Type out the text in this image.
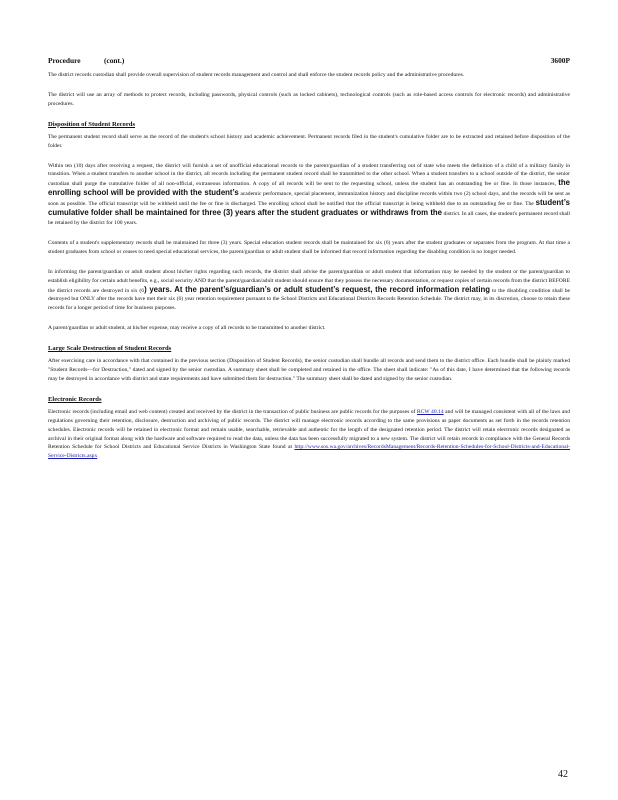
Procedure	(cont.)	3600P

The district records custodian shall provide overall supervision of student records management and control and shall enforce the student records policy and the administrative procedures.

The district will use an array of methods to protect records, including passwords, physical controls (such as locked cabinets), technological controls (such as role-based access controls for electronic records) and administrative procedures.

Disposition of Student Records

The permanent student record shall serve as the record of the student's school history and academic achievement. Permanent records filed in the student's cumulative folder are to be extracted and retained before disposition of the folder.

Within ten (10) days after receiving a request, the district will furnish a set of unofficial educational records to the parent/guardian of a student transferring out of state who meets the definition of a child of a military family in transition. When a student transfers to another school in the district, all records including the permanent student record shall be transmitted to the other school. When a student transfers to a school outside of the district, the senior custodian shall purge the cumulative folder of all non-official, extraneous information. A copy of all records will be sent to the requesting school, unless the student has an outstanding fee or fine. In those instances, the enrolling school will be provided with the student’s academic performance, special placement, immunization history and discipline records within two (2) school days, and the records will be sent as soon as possible. The official transcript will be withheld until the fee or fine is discharged. The enrolling school shall be notified that the official transcript is being withheld due to an outstanding fee or fine. The student’s cumulative folder shall be maintained for three (3) years after the student graduates or withdraws from the district. In all cases, the student's permanent record shall be retained by the district for 100 years.

Contents of a student's supplementary records shall be maintained for three (3) years. Special education student records shall be maintained for six (6) years after the student graduates or separates from the program. At that time a student graduates from school or ceases to need special educational services, the parent/guardian or adult student shall be informed that record information regarding the disabling condition is no longer needed.

In informing the parent/guardian or adult student about his/her rights regarding such records, the district shall advise the parent/guardian or adult student that information may be needed by the student or the parent/guardian to establish eligibility for certain adult benefits, e.g., social security AND that the parent/guardian/adult student should ensure that they possess the necessary documentation, or request copies of certain records from the district BEFORE the district records are destroyed in six (6) years. At the parent’s/guardian’s or adult student’s request, the record information relating to the disabling condition shall be destroyed but ONLY after the records have met their six (6) year retention requirement pursuant to the School Districts and Educational Districts Records Retention Schedule. The district may, in its discretion, choose to retain these records for a longer period of time for business purposes.

A parent/guardian or adult student, at his/her expense, may receive a copy of all records to be transmitted to another district.

Large Scale Destruction of Student Records

After exercising care in accordance with that contained in the previous section (Disposition of Student Records), the senior custodian shall bundle all records and send them to the district office. Each bundle shall be plainly marked "Student Records—for Destruction," dated and signed by the senior custodian. A summary sheet shall be completed and retained in the office. The sheet shall indicate: "As of this date, I have determined that the following records may be destroyed in accordance with district and state requirements and have submitted them for destruction." The summary sheet shall be dated and signed by the senior custodian.

Electronic Records

Electronic records (including email and web content) created and received by the district in the transaction of public business are public records for the purposes of RCW 40.14 and will be managed consistent with all of the laws and regulations governing their retention, disclosure, destruction and archiving of public records. The district will manage electronic records according to the same provisions as paper documents as set forth in the records retention schedules. Electronic records will be retained in electronic format and remain usable, searchable, retrievable and authentic for the length of the designated retention period. The district will retain electronic records designated as archival in their original format along with the hardware and software required to read the data, unless the data has been successfully migrated to a new system. The district will retain records in compliance with the General Records Retention Schedule for School Districts and Educational Service Districts in Washington State found at http://www.sos.wa.gov/archives/RecordsManagement/Records-Retention-Schedules-for-School-Districts-and-Educational-Service-Districts.aspx

42
